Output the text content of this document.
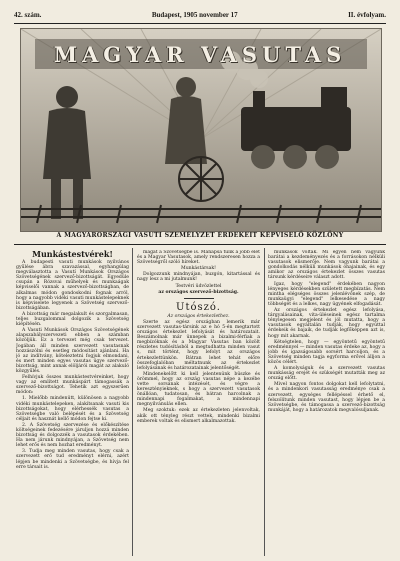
42. szám.	Budapest, 1905 november 17	II. évfolyam.
MAGYAR VASUTAS
A MAGYARORSZÁGI VASUTI SZEMÉLYZET ÉRDEKEIT KÉPVISELŐ KÖZLÖNY

Munkástestvérek!

A budapesti vasuti munkások nyilvános gyűlése ábra szavazással, egyhangúlag megválasztotta a Vasutí Munkások Országos Szövetségének szervező-bizottságát. Egyedüle csupán a Rózsvai műhelyek és munkaágak képviselői vannak a szervező-bizottságban, de alkalmas módon gondoskodni fognak arról, hogy a nagyobb vidéki vasuti munkástelepeknek is képviselete legyenek a Szövetség szervező-bizottságában.

A bizottság már megalakult és szorgalmasan, teljes buzgalommal dolgozik a Szövetség kiépítésén.

A Vasuti Munkások Országos Szövetségének alapszabályszervezeti ebben a számban közöljük. Ez a tervezet még csak tervezet. Jogában áll minden szervezett vasutasnak hozzászólni és esetleg módosítást ajánlani. Ha jó az indítvány, köteleztetni fogjuk elmondani, és mert minden egyes vasutas ügye szervező-bizottság, mint annak elöljárói magát az alakuló közgyűlés.

Felhívjuk összes munkástestvéreinket, hogy vagy az említett munkáspárt támogassák a szervező-bizottságot. Tehetik azt egyszerűen módon:

1. Mielőbb mindenütt, különösen a nagyobb vidéki munkástelepeken, alakítsanak vasuti kis bizottságokat, hogy elérhessék vasutas a Szövetségbe való belépését és a Szövetség céljait és hasznát kellő módon fejtse ki.

2. A Szövetség szervezése és előkészítése költségeinek fedezésére járuljon hozzá minden bizottság és dolgozzék a vasutasok érdekében. Ha nem járunk mindnyájan, a Szövetség nem lehet erős és nem hozhat eredményt.

3. Tudja meg minden vasutas, hogy csak a szervezett erő tud eredményt elérni, azért lépjen be mindenki a Szövetségbe, és hívja fel erre társait is.

magát a Szövetségbe is. Manapsá túlik a jobb élet és a Magyar Vasutasok, amely rendszeresen hozza a Szövetségről szóló híreket.

Munkástársak!

Dolgozzunk mindnyájan, buzgón, kitartással és nagy lesz a mi jutalmunk!

Testvéri üdvözlettel

az országos szervező-bizottság.

Utószó.

Az országos értekezlethez.

Szerte az egész országban lemerik már szervezett vasutas-társink az e hó 5-én megtartott országos értekezlet lefolyását és határozatait. Beszámolnak már ünnepek a bizalmi-férfiak a megbízóknak és a Magyar Vasutas ban közölt részletes tudósításból a megtudhatta minden vasut s, mit történt, hogy lefolyt az országos értekezlettünkön. Bátran lehet tehát előre összefoglalóban méltatnunk az értekezlet lefolyásának és határozatainak jelentőségét.

Mindenekelőtt ki kell jelentenünk büszke és örömmel, hogy az ország vasutas népe a kezébe vette sorsának intézését, és végre a keresztényieknek, s hogy a szervezett vasutasok önállóan, tudatosan, és bátran harcolnak a mindennapi fogalmakat, a mindennapi megnyilvánulás ellen.

Meg szoktuk: ezek az értekezleten jelenvoltak, akik ott tényleg részt vettek, mindenki bizalmi emberek voltak és elismert alkalmazottak.

munkások voltak. Mi egyen nem vagyunk barátai a kezdeményezés és a forrásokon nélküli vasutasok elismerője. Nem vagyunk barátai a gondolkodás nélküli munkások óhajainak, és egy amikor az országos értekezlet összes vasutas társunk kérdéseire választ adott.

Igaz, hogy "elegend" érdekében nagyon lényeges kérdésekben született megbízatás. Nem mintha elégséges összes jelenlévőnek szép, de munkaügyi "elegend" lelkesedése a nagy többségét és a lelkes, nagy ügyének elfogadását.

Az országos értekezlet egész lefolyása, tárgyalásainak, vita-üléseinek egész tartalma ténylegesen megjelent és jól mutatta, hogy a vasutasok egyáltalán tudják, hogy egyúttal érdekeik és bajaik, de tudják legfőképpen azt is, hogy mit akarnak.

Kétségtelen, hogy — egyöntetű egyöntetű eredménnyel — minden vasutas érdeke az, hogy a jobb és igazságosabb sorsért harcoljon, és a Szövetség minden tagja egyforma erővel álljon a közös célért.

A komolyságuk és a szervezett vasutas munkásság erejét és szükségét mutatták meg az ország előtt.

Mivel nagyon fontos dolgokat kell lefolytatni, és a mindenkori vasutasság eredménye csak a szervezett, egységes fellépéssel érhető el, felszólítunk minden vasutast, hogy lépjen be a Szövetségbe, és támogassa a szervező-bizottság munkáját, hogy a határozatok megvalósuljanak.
